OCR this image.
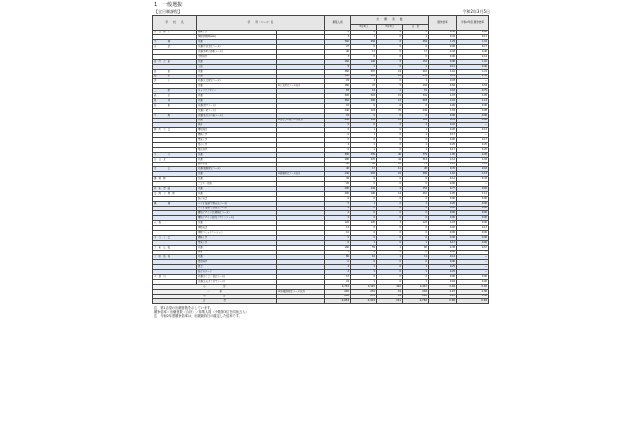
1　一般選抜
【全日制課程】	令和2年3月5日
学　　校　　名	学　　科（コース）名		募集人員	出　　願　　者　　数			競争倍率	令和2年度 競争倍率
				3月4日	3月5日	合　計		
奈　良　商　工	機械工学		4	0	2	2	0.50	0.00
	国際(国際Ryoku)		3	1	0	1	0.33	0.17
平　　　　　城	普通		360	456	8	464	1.29	1.16
山　　　　　辺	普通(生活文化コース)		27	0	0	0	0.00	0.17
	普通(本町の開拓コース)		40	17	0	17	0.43	0.46
	生物科学		3	0	0	0	0.00	0.14
高　円　芸　術	普通		160	146	8	154	0.96	1.01
	美術		9	1	0	1	0.11	0.40
高　　　　　取	普通		360	397	19	416	1.16	1.21
郡　　　　　山	普通		360	405	29	434	1.21	1.33
添　　　　　上	普通(人文探究コース)		29	1	0	1	0.03	—
	普通	※人文探究コース以外	160	97	5	102	0.64	0.54
二　　　　　階	キャリアデザイン		83	14	2	15	0.18	0.75
畝　　　　　傍	普通		320	322	15	341	1.07	1.05
葛　　　　　西	普通		360	406	12	418	1.16	1.13
高　　　　　田	普通(書写コース)		10	0	0	0	0.00	0.00
	普通(一般コース)		240	224	25	249	1.04	0.98
生　　　　　駒	普通(まなびの森コース)		22	0	0	0	0.00	0.00
	普通	※まなびの森コース以外	200	149	12	161	0.81	0.88
	体育		9	0	2	2	0.22	—
御　所　実　業	環境緑化		5	1	0	1	0.20	0.13
	機械工学		6	1	0	1	0.17	—
	電気工学		5	0	0	0	0.00	0.17
	都市工学		4	1	0	1	0.25	0.25
	薬品科学		6	1	0	1	0.17	0.25
王　　　　　寺	普通		360	339	40	379	1.05	0.95
奈　良　北	普通		280	270	44	314	1.12	1.04
	数理情報		60	64	10	74	1.23	1.12
香　　　　　芝	普通(表現探究コース)		40	17	11	28	0.70	0.63
	普通	※表現探究コース以外	240	293	16	309	1.10	1.13
磯　城　野	普通		49	6	0	6	0.12	0.43
	こども・福祉		20	0	0	0	0.00	—
西　和　清　陵	普通		200	149	4	153	0.77	0.82
法　隆　寺　国　際	普通		200	196	14	210	1.05	1.11
	総合英語		6	0	0	0	0.00	0.00
磯　　　　　城	バイオ技術(生物未来コース)		5	1	0	1	0.20	0.00
	バイオ技術(生命探究コース)		4	0	0	0	0.00	0.00
	環境デザイン(造園緑化コース)		4	0	0	0	0.00	0.00
	環境デザイン(緑化デザインコース)		4	0	0	0	0.00	0.00
五　條	普通		120	120	3	123	1.03	0.90
	国際英語		13	0	0	0	0.00	0.13
	国際コミュニケーション		10	0	0	0	0.00	0.00
王　寺　工　業	機械工学		5	0	0	0	0.00	0.00
	電気工学		6	1	0	1	0.17	0.00
大　和　広　陵	普通		160	59	1	60	0.38	0.67
	体育		5	0	0	0	0.00	—
宇　陀　高　校	普通		80	10	1	11	0.14	—
	情報科学		6	0	0	0	0.00	—
	農業		4	1	0	1	0.25	—
	総合スポーツ		4	1	0	1	0.25	—
十　津　川	普通(ホ工芸・食品コース)		13	0	0	0	0.00	0.00
	普通(ふるさと共生コース)		24	1	0	1	0.04	0.00
小　　　　　　　計			4,734	4,145	302	4,447	0.94	0.92
一　　　　条		※外国語特定コース以外	200	274	19	293	1.47	1.36
市　　　　　　　計			200	274	19	293	1.47	1.36
合　　　　　　　計			4,934	4,419	321	4,740	0.96	0.94
注　第1志望の出願者数を示しています。
競争倍率＝出願者数（合計）／募集人員（小数第3位を四捨五入）
注　令和2年度競争倍率は、出願最終日の確定した倍率です。
